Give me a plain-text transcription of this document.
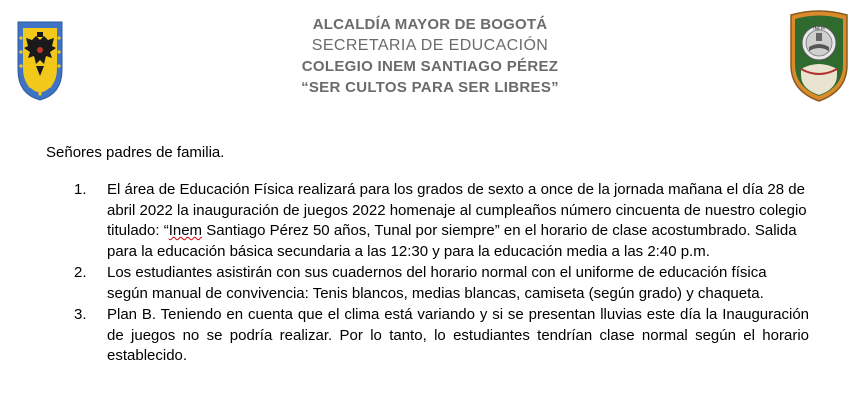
ALCALDÍA MAYOR DE BOGOTÁ
SECRETARIA DE EDUCACIÓN
COLEGIO INEM SANTIAGO PÉREZ
“SER CULTOS PARA SER LIBRES”
INEM

Señores padres de familia.

1. El área de Educación Física realizará para los grados de sexto a once de la jornada mañana el día 28 de abril 2022 la inauguración de juegos 2022 homenaje al cumpleaños número cincuenta de nuestro colegio titulado: “Inem Santiago Pérez 50 años, Tunal por siempre” en el horario de clase acostumbrado. Salida para la educación básica secundaria a las 12:30 y para la educación media a las 2:40 p.m.
2. Los estudiantes asistirán con sus cuadernos del horario normal con el uniforme de educación física según manual de convivencia: Tenis blancos, medias blancas, camiseta (según grado) y chaqueta.
3. Plan B. Teniendo en cuenta que el clima está variando y si se presentan lluvias este día la Inauguración de juegos no se podría realizar. Por lo tanto, lo estudiantes tendrían clase normal según el horario establecido.
